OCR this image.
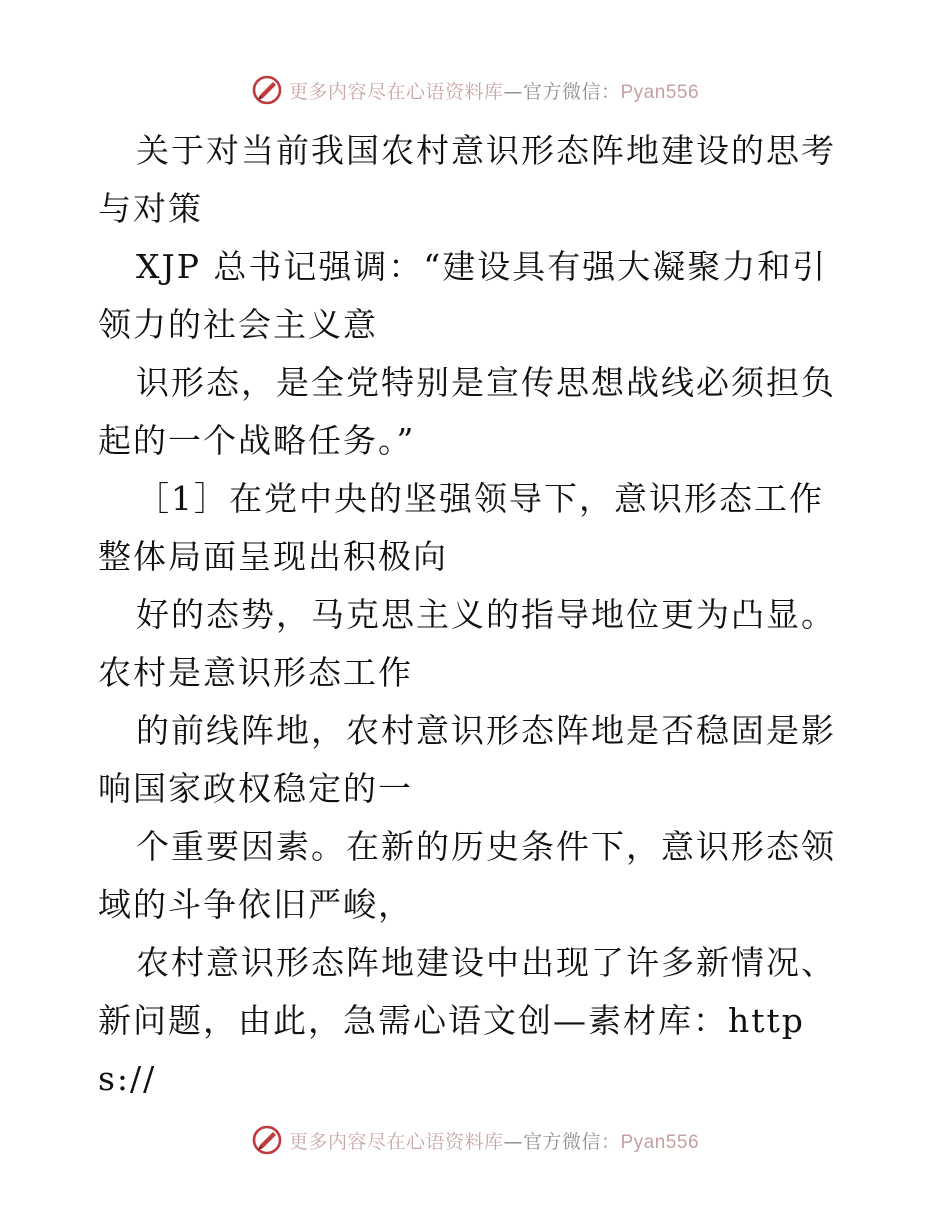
更多内容尽在心语资料库—官方微信：Pyan556

关于对当前我国农村意识形态阵地建设的思考与对策

XJP 总书记强调：“建设具有强大凝聚力和引领力的社会主义意

识形态，是全党特别是宣传思想战线必须担负起的一个战略任务。”

［1］在党中央的坚强领导下，意识形态工作整体局面呈现出积极向

好的态势，马克思主义的指导地位更为凸显。农村是意识形态工作

的前线阵地，农村意识形态阵地是否稳固是影响国家政权稳定的一

个重要因素。在新的历史条件下，意识形态领域的斗争依旧严峻，

农村意识形态阵地建设中出现了许多新情况、新问题，由此，急需心语文创—素材库：https://

更多内容尽在心语资料库—官方微信：Pyan556
